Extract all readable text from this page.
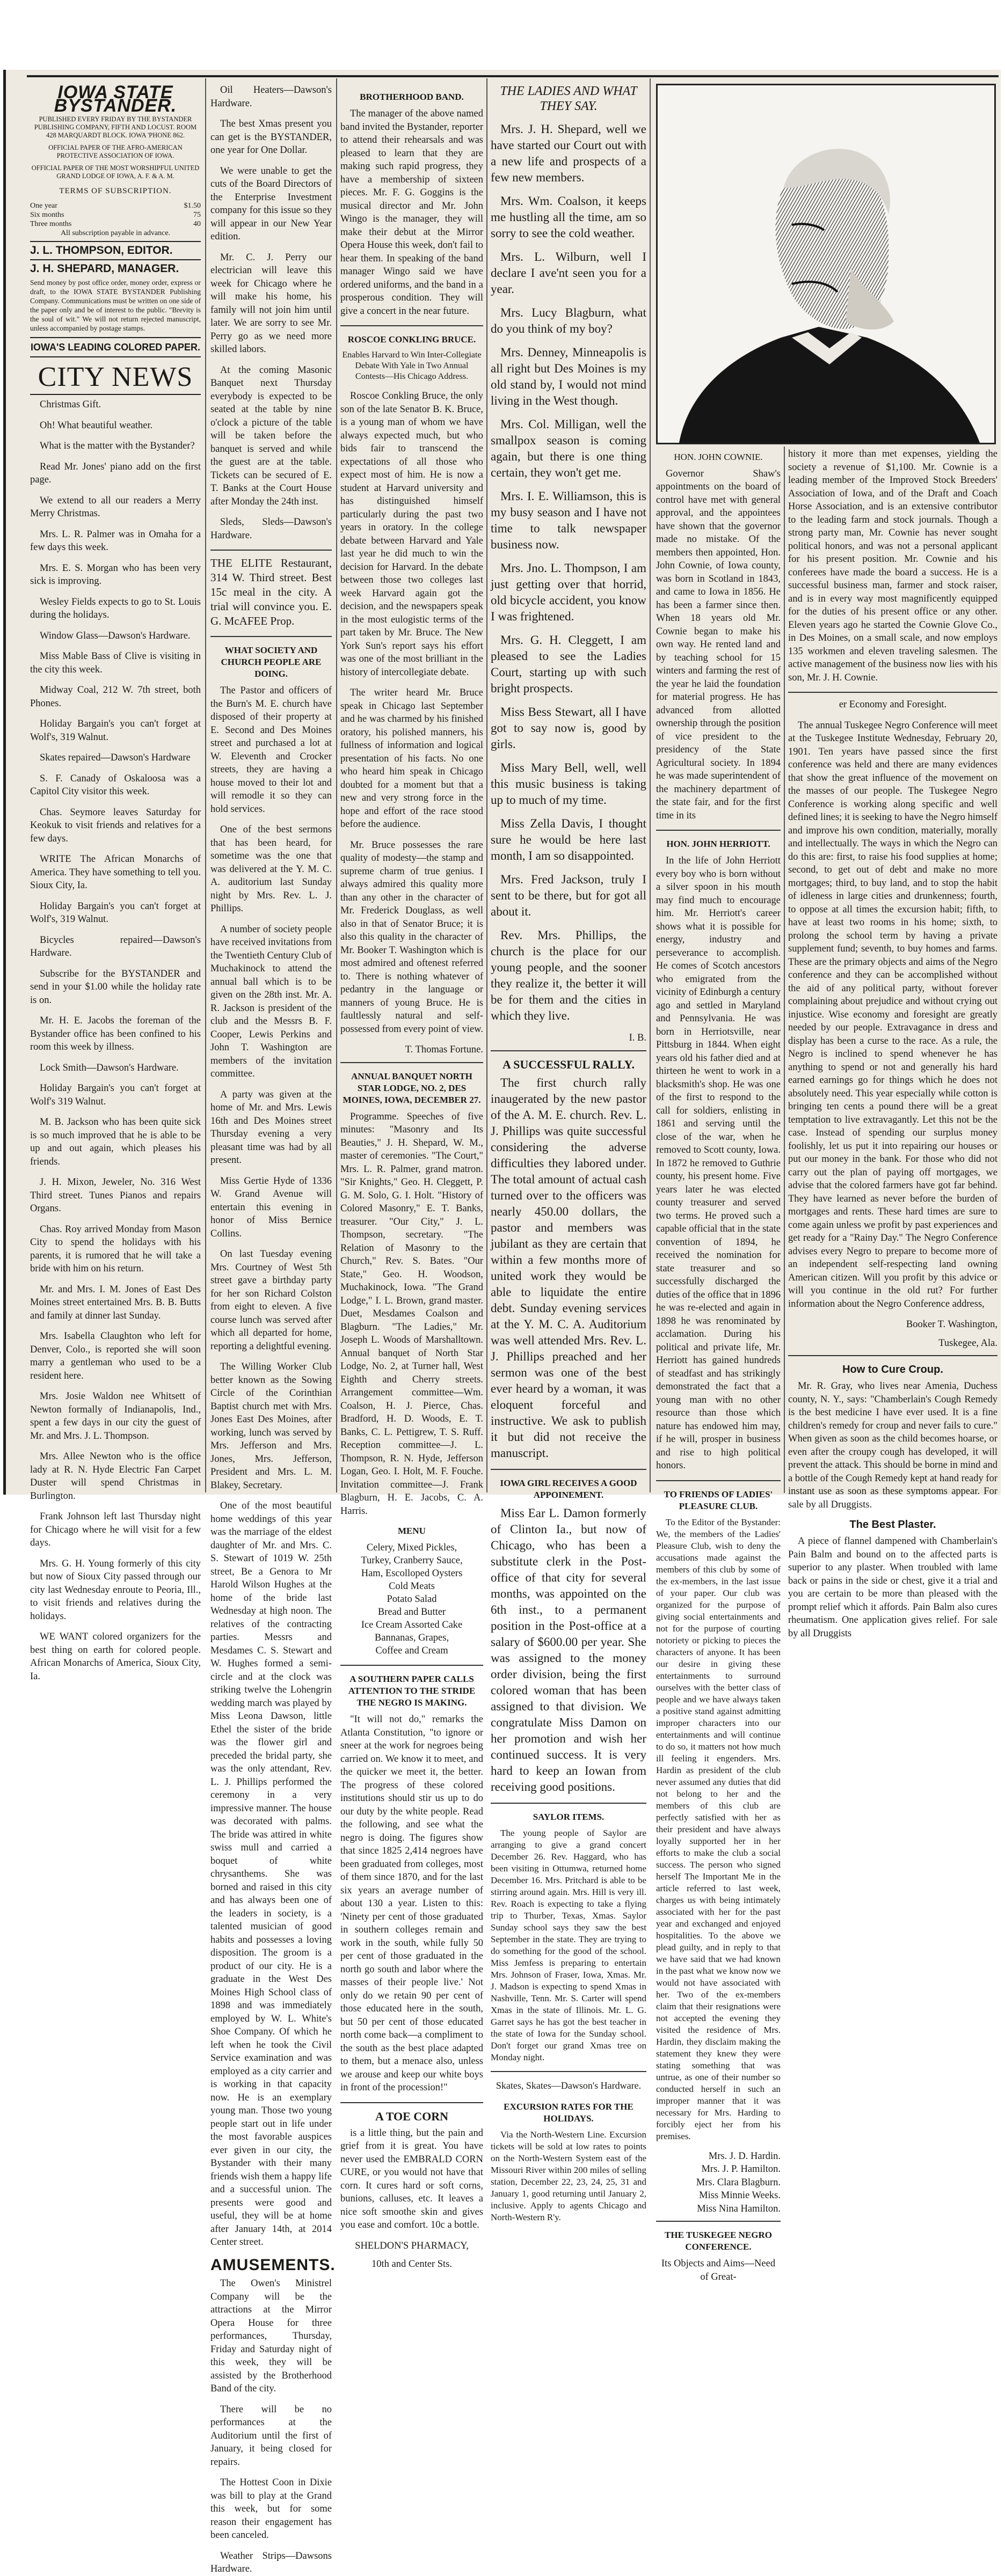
IOWA STATE BYSTANDER.
PUBLISHED EVERY FRIDAY BY THE BYSTANDER PUBLISHING COMPANY, FIFTH AND LOCUST. ROOM 428 MARQUARDT BLOCK. IOWA 'PHONE 862.
OFFICIAL PAPER OF THE AFRO-AMERICAN PROTECTIVE ASSOCIATION OF IOWA.
OFFICIAL PAPER OF THE MOST WORSHIPFUL UNITED GRAND LODGE OF IOWA, A. F. & A. M.
TERMS OF SUBSCRIPTION.
One year	$1.50
Six months	75
Three months	40
All subscription payable in advance.
J. L. THOMPSON, EDITOR.
J. H. SHEPARD, MANAGER.
Send money by post office order, money order, express or draft, to the IOWA STATE BYSTANDER Publishing Company. Communications must be written on one side of the paper only and be of interest to the public. "Brevity is the soul of wit." We will not return rejected manuscript, unless accompanied by postage stamps.
IOWA'S LEADING COLORED PAPER.
CITY NEWS

Christmas Gift.

Oh! What beautiful weather.

What is the matter with the Bystander?

Read Mr. Jones' piano add on the first page.

We extend to all our readers a Merry Merry Christmas.

Mrs. L. R. Palmer was in Omaha for a few days this week.

Mrs. E. S. Morgan who has been very sick is improving.

Wesley Fields expects to go to St. Louis during the holidays.

Window Glass—Dawson's Hardware.

Miss Mable Bass of Clive is visiting in the city this week.

Midway Coal, 212 W. 7th street, both Phones.

Holiday Bargain's you can't forget at Wolf's, 319 Walnut.

Skates repaired—Dawson's Hardware

S. F. Canady of Oskaloosa was a Capitol City visitor this week.

Chas. Seymore leaves Saturday for Keokuk to visit friends and relatives for a few days.

WRITE The African Monarchs of America. They have something to tell you. Sioux City, Ia.

Holiday Bargain's you can't forget at Wolf's, 319 Walnut.

Bicycles repaired—Dawson's Hardware.

Subscribe for the BYSTANDER and send in your $1.00 while the holiday rate is on.

Mr. H. E. Jacobs the foreman of the Bystander office has been confined to his room this week by illness.

Lock Smith—Dawson's Hardware.

Holiday Bargain's you can't forget at Wolf's 319 Walnut.

M. B. Jackson who has been quite sick is so much improved that he is able to be up and out again, which pleases his friends.

J. H. Mixon, Jeweler, No. 316 West Third street. Tunes Pianos and repairs Organs.

Chas. Roy arrived Monday from Mason City to spend the holidays with his parents, it is rumored that he will take a bride with him on his return.

Mr. and Mrs. I. M. Jones of East Des Moines street entertained Mrs. B. B. Butts and family at dinner last Sunday.

Mrs. Isabella Claughton who left for Denver, Colo., is reported she will soon marry a gentleman who used to be a resident here.

Mrs. Josie Waldon nee Whitsett of Newton formally of Indianapolis, Ind., spent a few days in our city the guest of Mr. and Mrs. J. L. Thompson.

Mrs. Allee Newton who is the office lady at R. N. Hyde Electric Fan Carpet Duster will spend Christmas in Burlington.

Frank Johnson left last Thursday night for Chicago where he will visit for a few days.

Mrs. G. H. Young formerly of this city but now of Sioux City passed through our city last Wednesday enroute to Peoria, Ill., to visit friends and relatives during the holidays.

WE WANT colored organizers for the best thing on earth for colored people. African Monarchs of America, Sioux City, Ia.

Oil Heaters—Dawson's Hardware.

The best Xmas present you can get is the BYSTANDER, one year for One Dollar.

We were unable to get the cuts of the Board Directors of the Enterprise Investment company for this issue so they will appear in our New Year edition.

Mr. C. J. Perry our electrician will leave this week for Chicago where he will make his home, his family will not join him until later. We are sorry to see Mr. Perry go as we need more skilled labors.

At the coming Masonic Banquet next Thursday everybody is expected to be seated at the table by nine o'clock a picture of the table will be taken before the banquet is served and while the guest are at the table. Tickets can be secured of E. T. Banks at the Court House after Monday the 24th inst.

Sleds, Sleds—Dawson's Hardware.

THE ELITE Restaurant, 314 W. Third street. Best 15c meal in the city. A trial will convince you. E. G. McAFEE Prop.

WHAT SOCIETY AND CHURCH PEOPLE ARE DOING.

The Pastor and officers of the Burn's M. E. church have disposed of their property at E. Second and Des Moines street and purchased a lot at W. Eleventh and Crocker streets, they are having a house moved to their lot and will remodle it so they can hold services.

One of the best sermons that has been heard, for sometime was the one that was delivered at the Y. M. C. A. auditorium last Sunday night by Mrs. Rev. L. J. Phillips.

A number of society people have received invitations from the Twentieth Century Club of Muchakinock to attend the annual ball which is to be given on the 28th inst. Mr. A. R. Jackson is president of the club and the Messrs B. F. Cooper, Lewis Perkins and John T. Washington are members of the invitation committee.

A party was given at the home of Mr. and Mrs. Lewis 16th and Des Moines street Thursday evening a very pleasant time was had by all present.

Miss Gertie Hyde of 1336 W. Grand Avenue will entertain this evening in honor of Miss Bernice Collins.

On last Tuesday evening Mrs. Courtney of West 5th street gave a birthday party for her son Richard Colston from eight to eleven. A five course lunch was served after which all departed for home, reporting a delightful evening.

The Willing Worker Club better known as the Sowing Circle of the Corinthian Baptist church met with Mrs. Jones East Des Moines, after working, lunch was served by Mrs. Jefferson and Mrs. Jones, Mrs. Jefferson, President and Mrs. L. M. Blakey, Secretary.

One of the most beautiful home weddings of this year was the marriage of the eldest daughter of Mr. and Mrs. C. S. Stewart of 1019 W. 25th street, Be a Genora to Mr Harold Wilson Hughes at the home of the bride last Wednesday at high noon. The relatives of the contracting parties. Messrs and Mesdames C. S. Stewart and W. Hughes formed a semi-circle and at the clock was striking twelve the Lohengrin wedding march was played by Miss Leona Dawson, little Ethel the sister of the bride was the flower girl and preceded the bridal party, she was the only attendant, Rev. L. J. Phillips performed the ceremony in a very impressive manner. The house was decorated with palms. The bride was attired in white swiss mull and carried a boquet of white chrysanthems. She was borned and raised in this city and has always been one of the leaders in society, is a talented musician of good habits and possesses a loving disposition. The groom is a product of our city. He is a graduate in the West Des Moines High School class of 1898 and was immediately employed by W. L. White's Shoe Company. Of which he left when he took the Civil Service examination and was employed as a city carrier and is working in that capacity now. He is an exemplary young man. Those two young people start out in life under the most favorable auspices ever given in our city, the Bystander with their many friends wish them a happy life and a successful union. The presents were good and useful, they will be at home after January 14th, at 2014 Center street.

AMUSEMENTS.

The Owen's Ministrel Company will be the attractions at the Mirror Opera House for three performances, Thursday, Friday and Saturday night of this week, they will be assisted by the Brotherhood Band of the city.

There will be no performances at the Auditorium until the first of January, it being closed for repairs.

The Hottest Coon in Dixie was bill to play at the Grand this week, but for some reason their engagement has been canceled.

Weather Strips—Dawsons Hardware.

BROTHERHOOD BAND.

The manager of the above named band invited the Bystander, reporter to attend their rehearsals and was pleased to learn that they are making such rapid progress, they have a membership of sixteen pieces. Mr. F. G. Goggins is the musical director and Mr. John Wingo is the manager, they will make their debut at the Mirror Opera House this week, don't fail to hear them. In speaking of the band manager Wingo said we have ordered uniforms, and the band in a prosperous condition. They will give a concert in the near future.

ROSCOE CONKLING BRUCE.

Enables Harvard to Win Inter-Collegiate Debate With Yale in Two Annual Contests—His Chicago Address.

Roscoe Conkling Bruce, the only son of the late Senator B. K. Bruce, is a young man of whom we have always expected much, but who bids fair to transcend the expectations of all those who expect most of him. He is now a student at Harvard university and has distinguished himself particularly during the past two years in oratory. In the college debate between Harvard and Yale last year he did much to win the decision for Harvard. In the debate between those two colleges last week Harvard again got the decision, and the newspapers speak in the most eulogistic terms of the part taken by Mr. Bruce. The New York Sun's report says his effort was one of the most brilliant in the history of intercollegiate debate.

The writer heard Mr. Bruce speak in Chicago last September and he was charmed by his finished oratory, his polished manners, his fullness of information and logical presentation of his facts. No one who heard him speak in Chicago doubted for a moment but that a new and very strong force in the hope and effort of the race stood before the audience.

Mr. Bruce possesses the rare quality of modesty—the stamp and supreme charm of true genius. I always admired this quality more than any other in the character of Mr. Frederick Douglass, as well also in that of Senator Bruce; it is also this quality in the character of Mr. Booker T. Washington which is most admired and oftenest referred to. There is nothing whatever of pedantry in the language or manners of young Bruce. He is faultlessly natural and self-possessed from every point of view.

T. Thomas Fortune.
ANNUAL BANQUET NORTH STAR LODGE, NO. 2, DES MOINES, IOWA, DECEMBER 27.

Programme. Speeches of five minutes: "Masonry and Its Beauties," J. H. Shepard, W. M., master of ceremonies. "The Court," Mrs. L. R. Palmer, grand matron. "Sir Knights," Geo. H. Cleggett, P. G. M. Solo, G. I. Holt. "History of Colored Masonry," E. T. Banks, treasurer. "Our City," J. L. Thompson, secretary. "The Relation of Masonry to the Church," Rev. S. Bates. "Our State," Geo. H. Woodson, Muchakinock, Iowa. "The Grand Lodge," I. L. Brown, grand master. Duet, Mesdames Coalson and Blagburn. "The Ladies," Mr. Joseph L. Woods of Marshalltown. Annual banquet of North Star Lodge, No. 2, at Turner hall, West Eighth and Cherry streets. Arrangement committee—Wm. Coalson, H. J. Pierce, Chas. Bradford, H. D. Woods, E. T. Banks, C. L. Pettigrew, T. S. Ruff. Reception committee—J. L. Thompson, R. N. Hyde, Jefferson Logan, Geo. I. Holt, M. F. Fouche. Invitation committee—J. Frank Blagburn, H. E. Jacobs, C. A. Harris.

MENU
Celery, Mixed Pickles,
Turkey, Cranberry Sauce,
Ham, Escolloped Oysters
Cold Meats
Potato Salad
Bread and Butter
Ice Cream Assorted Cake
Bannanas, Grapes,
Coffee and Cream
A SOUTHERN PAPER CALLS ATTENTION TO THE STRIDE THE NEGRO IS MAKING.

"It will not do," remarks the Atlanta Constitution, "to ignore or sneer at the work for negroes being carried on. We know it to meet, and the quicker we meet it, the better. The progress of these colored institutions should stir us up to do our duty by the white people. Read the following, and see what the negro is doing. The figures show that since 1825 2,414 negroes have been graduated from colleges, most of them since 1870, and for the last six years an average number of about 130 a year. Listen to this: 'Ninety per cent of those graduated in southern colleges remain and work in the south, while fully 50 per cent of those graduated in the north go south and labor where the masses of their people live.' Not only do we retain 90 per cent of those educated here in the south, but 50 per cent of those educated north come back—a compliment to the south as the best place adapted to them, but a menace also, unless we arouse and keep our white boys in front of the procession!"

A TOE CORN

is a little thing, but the pain and grief from it is great. You have never used the EMBRALD CORN CURE, or you would not have that corn. It cures hard or soft corns, bunions, calluses, etc. It leaves a nice soft smoothe skin and gives you ease and comfort. 10c a bottle.

SHELDON'S PHARMACY,
10th and Center Sts.
THE LADIES AND WHAT THEY SAY.

Mrs. J. H. Shepard, well we have started our Court out with a new life and prospects of a few new members.

Mrs. Wm. Coalson, it keeps me hustling all the time, am so sorry to see the cold weather.

Mrs. L. Wilburn, well I declare I ave'nt seen you for a year.

Mrs. Lucy Blagburn, what do you think of my boy?

Mrs. Denney, Minneapolis is all right but Des Moines is my old stand by, I would not mind living in the West though.

Mrs. Col. Milligan, well the smallpox season is coming again, but there is one thing certain, they won't get me.

Mrs. I. E. Williamson, this is my busy season and I have not time to talk newspaper business now.

Mrs. Jno. L. Thompson, I am just getting over that horrid, old bicycle accident, you know I was frightened.

Mrs. G. H. Cleggett, I am pleased to see the Ladies Court, starting up with such bright prospects.

Miss Bess Stewart, all I have got to say now is, good by girls.

Miss Mary Bell, well, well this music business is taking up to much of my time.

Miss Zella Davis, I thought sure he would be here last month, I am so disappointed.

Mrs. Fred Jackson, truly I sent to be there, but for got all about it.

Rev. Mrs. Phillips, the church is the place for our young people, and the sooner they realize it, the better it will be for them and the cities in which they live.

I. B.
A SUCCESSFUL RALLY.

The first church rally inaugerated by the new pastor of the A. M. E. church. Rev. L. J. Phillips was quite successful considering the adverse difficulties they labored under. The total amount of actual cash turned over to the officers was nearly 450.00 dollars, the pastor and members was jubilant as they are certain that within a few months more of united work they would be able to liquidate the entire debt. Sunday evening services at the Y. M. C. A. Auditorium was well attended Mrs. Rev. L. J. Phillips preached and her sermon was one of the best ever heard by a woman, it was eloquent forceful and instructive. We ask to publish it but did not receive the manuscript.

IOWA GIRL RECEIVES A GOOD APPOINEMENT.

Miss Ear L. Damon formerly of Clinton Ia., but now of Chicago, who has been a substitute clerk in the Post-office of that city for several months, was appointed on the 6th inst., to a permanent position in the Post-office at a salary of $600.00 per year. She was assigned to the money order division, being the first colored woman that has been assigned to that division. We congratulate Miss Damon on her promotion and wish her continued success. It is very hard to keep an Iowan from receiving good positions.

SAYLOR ITEMS.

The young people of Saylor are arranging to give a grand concert December 26. Rev. Haggard, who has been visiting in Ottumwa, returned home December 16. Mrs. Pritchard is able to be stirring around again. Mrs. Hill is very ill. Rev. Roach is expecting to take a flying trip to Thurber, Texas, Xmas. Saylor Sunday school says they saw the best September in the state. They are trying to do something for the good of the school. Miss Jemfess is preparing to entertain Mrs. Johnson of Fraser, Iowa, Xmas. Mr. J. Madson is expecting to spend Xmas in Nashville, Tenn. Mr. S. Carter will spend Xmas in the state of Illinois. Mr. L. G. Garret says he has got the best teacher in the state of Iowa for the Sunday school. Don't forget our grand Xmas tree on Monday night.

Skates, Skates—Dawson's Hardware.

EXCURSION RATES FOR THE HOLIDAYS.

Via the North-Western Line. Excursion tickets will be sold at low rates to points on the North-Western System east of the Missouri River within 200 miles of selling station, December 22, 23, 24, 25, 31 and January 1, good returning until January 2, inclusive. Apply to agents Chicago and North-Western R'y.

HON. JOHN COWNIE.

Governor Shaw's appointments on the board of control have met with general approval, and the appointees have shown that the governor made no mistake. Of the members then appointed, Hon. John Cownie, of Iowa county, was born in Scotland in 1843, and came to Iowa in 1856. He has been a farmer since then. When 18 years old Mr. Cownie began to make his own way. He rented land and by teaching school for 15 winters and farming the rest of the year he laid the foundation for material progress. He has advanced from allotted ownership through the position of vice president to the presidency of the State Agricultural society. In 1894 he was made superintendent of the machinery department of the state fair, and for the first time in its

HON. JOHN HERRIOTT.

In the life of John Herriott every boy who is born without a silver spoon in his mouth may find much to encourage him. Mr. Herriott's career shows what it is possible for energy, industry and perseverance to accomplish. He comes of Scotch ancestors who emigrated from the vicinity of Edinburgh a century ago and settled in Maryland and Pennsylvania. He was born in Herriotsville, near Pittsburg in 1844. When eight years old his father died and at thirteen he went to work in a blacksmith's shop. He was one of the first to respond to the call for soldiers, enlisting in 1861 and serving until the close of the war, when he removed to Scott county, Iowa. In 1872 he removed to Guthrie county, his present home. Five years later he was elected county treasurer and served two terms. He proved such a capable official that in the state convention of 1894, he received the nomination for state treasurer and so successfully discharged the duties of the office that in 1896 he was re-elected and again in 1898 he was renominated by acclamation. During his political and private life, Mr. Herriott has gained hundreds of steadfast and has strikingly demonstrated the fact that a young man with no other resource than those which nature has endowed him may, if he will, prosper in business and rise to high political honors.

TO FRIENDS OF LADIES' PLEASURE CLUB.

To the Editor of the Bystander: We, the members of the Ladies' Pleasure Club, wish to deny the accusations made against the members of this club by some of the ex-members, in the last issue of your paper. Our club was organized for the purpose of giving social entertainments and not for the purpose of courting notoriety or picking to pieces the characters of anyone. It has been our desire in giving these entertainments to surround ourselves with the better class of people and we have always taken a positive stand against admitting improper characters into our entertainments and will continue to do so, it matters not how much ill feeling it engenders. Mrs. Hardin as president of the club never assumed any duties that did not belong to her and the members of this club are perfectly satisfied with her as their president and have always loyally supported her in her efforts to make the club a social success. The person who signed herself The Important Me in the article referred to last week, charges us with being intimately associated with her for the past year and exchanged and enjoyed hospitalities. To the above we plead guilty, and in reply to that we have said that we had known in the past what we know now we would not have associated with her. Two of the ex-members claim that their resignations were not accepted the evening they visited the residence of Mrs. Hardin, they disclaim making the statement they knew they were stating something that was untrue, as one of their number so conducted herself in such an improper manner that it was necessary for Mrs. Harding to forcibly eject her from his premises.

Mrs. J. D. Hardin.
Mrs. J. P. Hamilton.
Mrs. Clara Blagburn.
Miss Minnie Weeks.
Miss Nina Hamilton.
THE TUSKEGEE NEGRO CONFERENCE.

Its Objects and Aims—Need of Great-

history it more than met expenses, yielding the society a revenue of $1,100. Mr. Cownie is a leading member of the Improved Stock Breeders' Association of Iowa, and of the Draft and Coach Horse Association, and is an extensive contributor to the leading farm and stock journals. Though a strong party man, Mr. Cownie has never sought political honors, and was not a personal applicant for his present position. Mr. Cownie and his conferees have made the board a success. He is a successful business man, farmer and stock raiser, and is in every way most magnificently equipped for the duties of his present office or any other. Eleven years ago he started the Cownie Glove Co., in Des Moines, on a small scale, and now employs 135 workmen and eleven traveling salesmen. The active management of the business now lies with his son, Mr. J. H. Cownie.

er Economy and Foresight.

The annual Tuskegee Negro Conference will meet at the Tuskegee Institute Wednesday, February 20, 1901. Ten years have passed since the first conference was held and there are many evidences that show the great influence of the movement on the masses of our people. The Tuskegee Negro Conference is working along specific and well defined lines; it is seeking to have the Negro himself and improve his own condition, materially, morally and intellectually. The ways in which the Negro can do this are: first, to raise his food supplies at home; second, to get out of debt and make no more mortgages; third, to buy land, and to stop the habit of idleness in large cities and drunkenness; fourth, to oppose at all times the excursion habit; fifth, to have at least two rooms in his home; sixth, to prolong the school term by having a private supplement fund; seventh, to buy homes and farms. These are the primary objects and aims of the Negro conference and they can be accomplished without the aid of any political party, without forever complaining about prejudice and without crying out injustice. Wise economy and foresight are greatly needed by our people. Extravagance in dress and display has been a curse to the race. As a rule, the Negro is inclined to spend whenever he has anything to spend or not and generally his hard earned earnings go for things which he does not absolutely need. This year especially while cotton is bringing ten cents a pound there will be a great temptation to live extravagantly. Let this not be the case. Instead of spending our surplus money foolishly, let us put it into repairing our houses or put our money in the bank. For those who did not carry out the plan of paying off mortgages, we advise that the colored farmers have got far behind. They have learned as never before the burden of mortgages and rents. These hard times are sure to come again unless we profit by past experiences and get ready for a "Rainy Day." The Negro Conference advises every Negro to prepare to become more of an independent self-respecting land owning American citizen. Will you profit by this advice or will you continue in the old rut? For further information about the Negro Conference address,

Booker T. Washington,
Tuskegee, Ala.
How to Cure Croup.

Mr. R. Gray, who lives near Amenia, Duchess county, N. Y., says: "Chamberlain's Cough Remedy is the best medicine I have ever used. It is a fine children's remedy for croup and never fails to cure." When given as soon as the child becomes hoarse, or even after the croupy cough has developed, it will prevent the attack. This should be borne in mind and a bottle of the Cough Remedy kept at hand ready for instant use as soon as these symptoms appear. For sale by all Druggists.

The Best Plaster.

A piece of flannel dampened with Chamberlain's Pain Balm and bound on to the affected parts is superior to any plaster. When troubled with lame back or pains in the side or chest, give it a trial and you are certain to be more than pleased with the prompt relief which it affords. Pain Balm also cures rheumatism. One application gives relief. For sale by all Druggists
